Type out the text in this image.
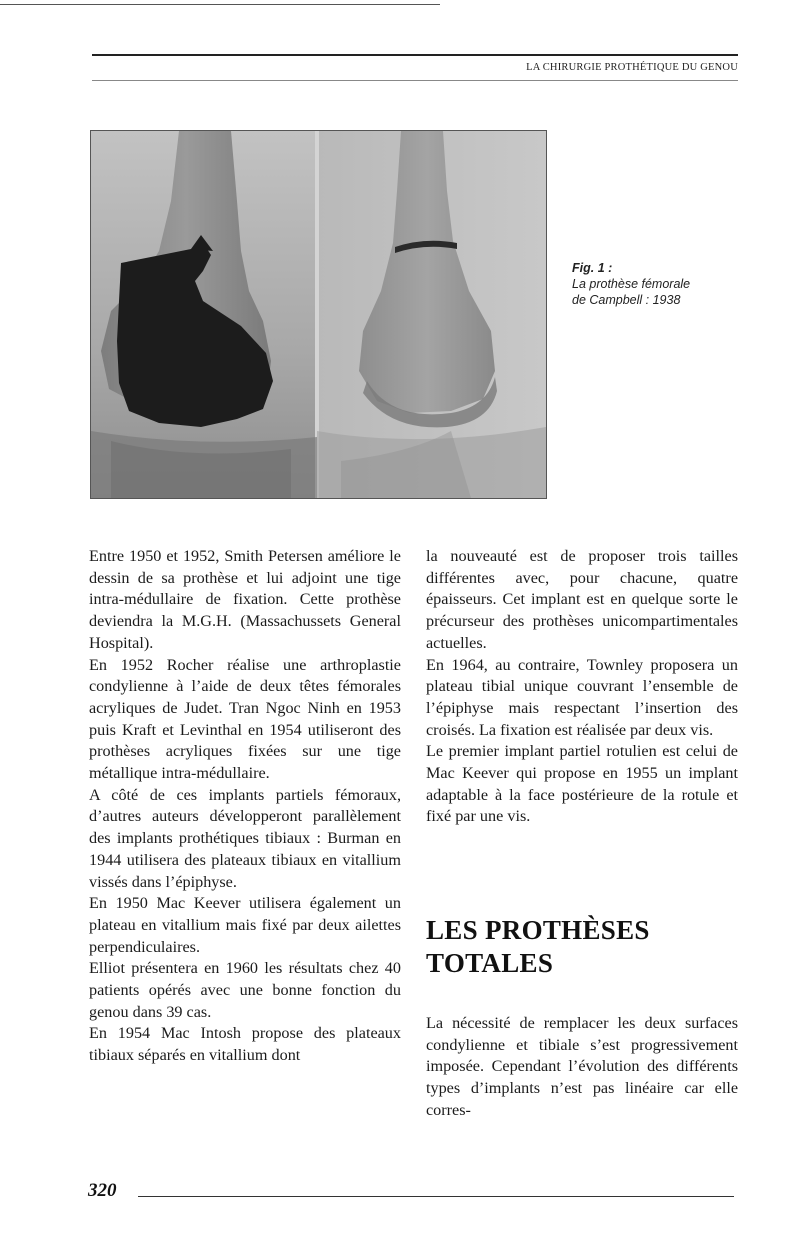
LA CHIRURGIE PROTHÉTIQUE DU GENOU
Fig. 1 :
La prothèse fémorale
de Campbell : 1938

Entre 1950 et 1952, Smith Petersen améliore le dessin de sa prothèse et lui adjoint une tige intra-médullaire de fixation. Cette prothèse deviendra la M.G.H. (Massachussets General Hospital).

En 1952 Rocher réalise une arthroplastie condylienne à l’aide de deux têtes fémorales acryliques de Judet. Tran Ngoc Ninh en 1953 puis Kraft et Levinthal en 1954 utiliseront des prothèses acryliques fixées sur une tige métallique intra-médullaire.

A côté de ces implants partiels fémoraux, d’autres auteurs développeront parallèlement des implants prothétiques tibiaux : Burman en 1944 utilisera des plateaux tibiaux en vitallium vissés dans l’épiphyse.

En 1950 Mac Keever utilisera également un plateau en vitallium mais fixé par deux ailettes perpendiculaires.

Elliot présentera en 1960 les résultats chez 40 patients opérés avec une bonne fonction du genou dans 39 cas.

En 1954 Mac Intosh propose des plateaux tibiaux séparés en vitallium dont

la nouveauté est de proposer trois tailles différentes avec, pour chacune, quatre épaisseurs. Cet implant est en quelque sorte le précurseur des prothèses unicompartimentales actuelles.

En 1964, au contraire, Townley proposera un plateau tibial unique couvrant l’ensemble de l’épiphyse mais respectant l’insertion des croisés. La fixation est réalisée par deux vis.

Le premier implant partiel rotulien est celui de Mac Keever qui propose en 1955 un implant adaptable à la face postérieure de la rotule et fixé par une vis.

LES PROTHÈSES
TOTALES

La nécessité de remplacer les deux surfaces condylienne et tibiale s’est progressivement imposée. Cependant l’évolution des différents types d’implants n’est pas linéaire car elle corres-

320
